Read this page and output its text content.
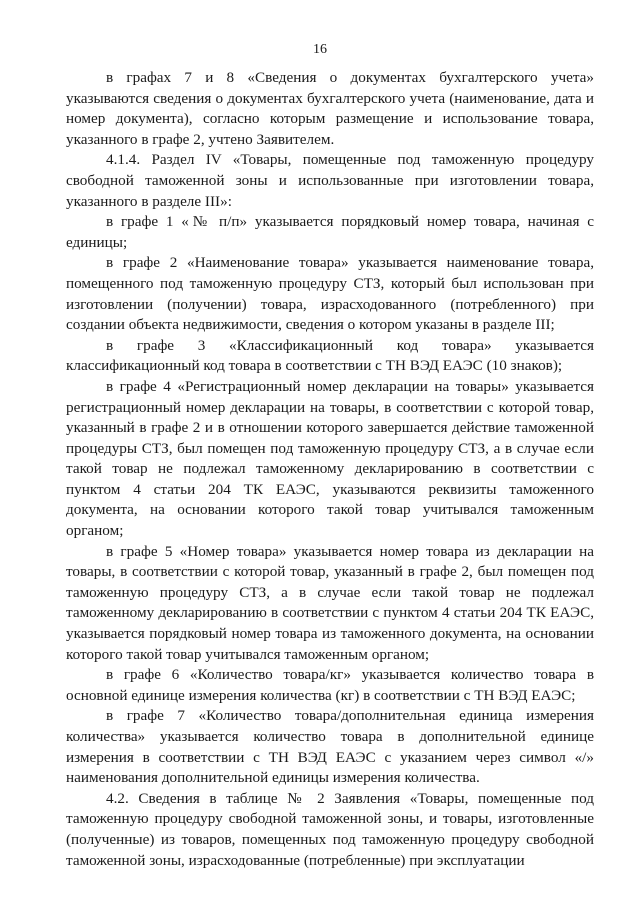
16

в графах 7 и 8 «Сведения о документах бухгалтерского учета» указываются сведения о документах бухгалтерского учета (наименование, дата и номер документа), согласно которым размещение и использование товара, указанного в графе 2, учтено Заявителем.

4.1.4. Раздел IV «Товары, помещенные под таможенную процедуру свободной таможенной зоны и использованные при изготовлении товара, указанного в разделе III»:

в графе 1 «№ п/п» указывается порядковый номер товара, начиная с единицы;

в графе 2 «Наименование товара» указывается наименование товара, помещенного под таможенную процедуру СТЗ, который был использован при изготовлении (получении) товара, израсходованного (потребленного) при создании объекта недвижимости, сведения о котором указаны в разделе III;

в графе 3 «Классификационный код товара» указывается классификационный код товара в соответствии с ТН ВЭД ЕАЭС (10 знаков);

в графе 4 «Регистрационный номер декларации на товары» указывается регистрационный номер декларации на товары, в соответствии с которой товар, указанный в графе 2 и в отношении которого завершается действие таможенной процедуры СТЗ, был помещен под таможенную процедуру СТЗ, а в случае если такой товар не подлежал таможенному декларированию в соответствии с пунктом 4 статьи 204 ТК ЕАЭС, указываются реквизиты таможенного документа, на основании которого такой товар учитывался таможенным органом;

в графе 5 «Номер товара» указывается номер товара из декларации на товары, в соответствии с которой товар, указанный в графе 2, был помещен под таможенную процедуру СТЗ, а в случае если такой товар не подлежал таможенному декларированию в соответствии с пунктом 4 статьи 204 ТК ЕАЭС, указывается порядковый номер товара из таможенного документа, на основании которого такой товар учитывался таможенным органом;

в графе 6 «Количество товара/кг» указывается количество товара в основной единице измерения количества (кг) в соответствии с ТН ВЭД ЕАЭС;

в графе 7 «Количество товара/дополнительная единица измерения количества» указывается количество товара в дополнительной единице измерения в соответствии с ТН ВЭД ЕАЭС с указанием через символ «/» наименования дополнительной единицы измерения количества.

4.2. Сведения в таблице № 2 Заявления «Товары, помещенные под таможенную процедуру свободной таможенной зоны, и товары, изготовленные (полученные) из товаров, помещенных под таможенную процедуру свободной таможенной зоны, израсходованные (потребленные) при эксплуатации
